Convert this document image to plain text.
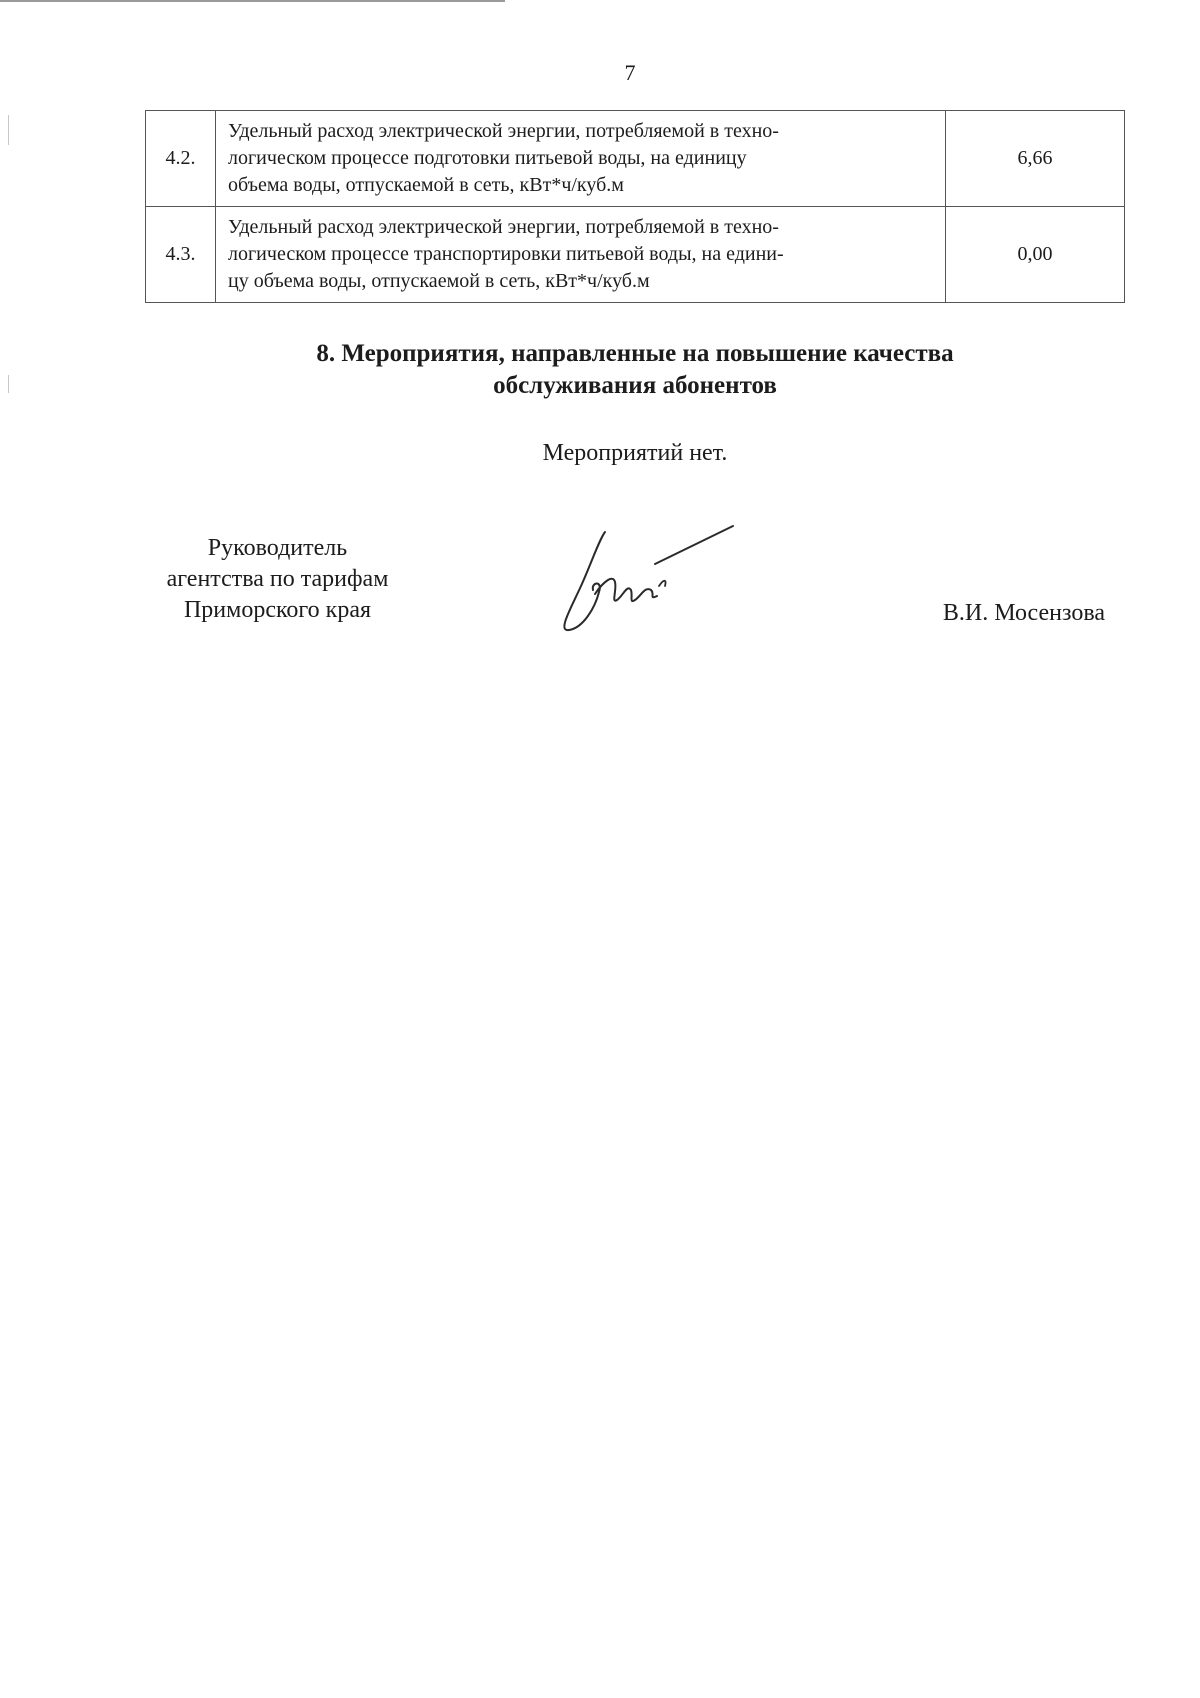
7
4.2.	Удельный расход электрической энергии, потребляемой в техно-
логическом процессе подготовки питьевой воды, на единицу
объема воды, отпускаемой в сеть, кВт*ч/куб.м	6,66
4.3.	Удельный расход электрической энергии, потребляемой в техно-
логическом процессе транспортировки питьевой воды, на едини-
цу объема воды, отпускаемой в сеть, кВт*ч/куб.м	0,00
8. Мероприятия, направленные на повышение качества
обслуживания абонентов
Мероприятий нет.
Руководитель
агентства по тарифам
Приморского края	В.И. Мосензова
